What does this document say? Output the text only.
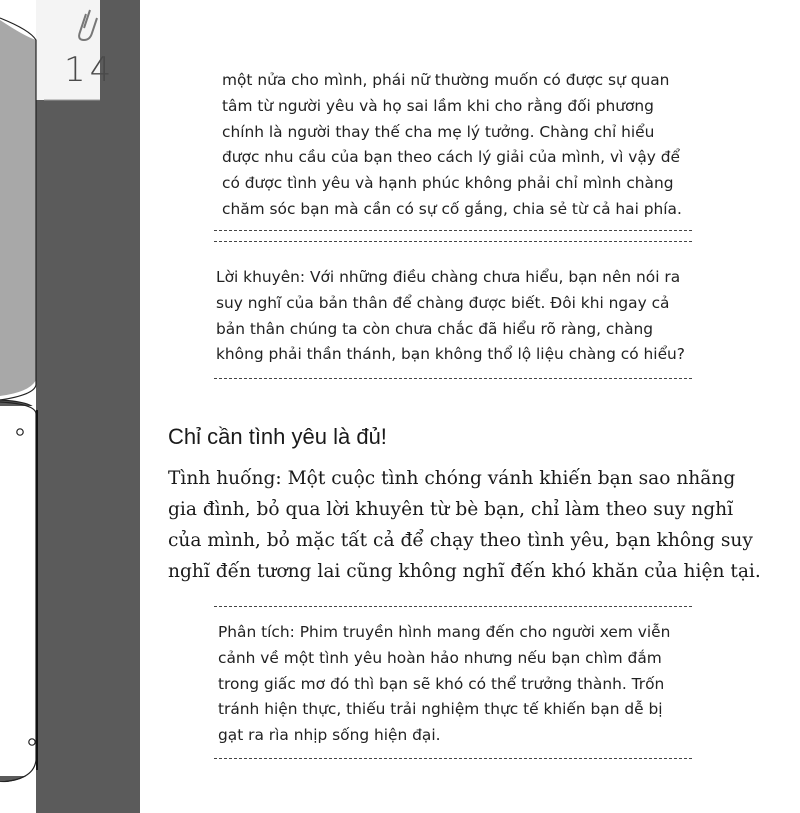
14	một nửa cho mình, phái nữ thường muốn có được sự quan tâm từ người yêu và họ sai lầm khi cho rằng đối phương chính là người thay thế cha mẹ lý tưởng. Chàng chỉ hiểu được nhu cầu của bạn theo cách lý giải của mình, vì vậy để có được tình yêu và hạnh phúc không phải chỉ mình chàng chăm sóc bạn mà cần có sự cố gắng, chia sẻ từ cả hai phía.
Lời khuyên: Với những điều chàng chưa hiểu, bạn nên nói ra suy nghĩ của bản thân để chàng được biết. Đôi khi ngay cả bản thân chúng ta còn chưa chắc đã hiểu rõ ràng, chàng không phải thần thánh, bạn không thổ lộ liệu chàng có hiểu?
Chỉ cần tình yêu là đủ!
Tình huống: Một cuộc tình chóng vánh khiến bạn sao nhãng gia đình, bỏ qua lời khuyên từ bè bạn, chỉ làm theo suy nghĩ của mình, bỏ mặc tất cả để chạy theo tình yêu, bạn không suy nghĩ đến tương lai cũng không nghĩ đến khó khăn của hiện tại.
Phân tích: Phim truyền hình mang đến cho người xem viễn cảnh về một tình yêu hoàn hảo nhưng nếu bạn chìm đắm trong giấc mơ đó thì bạn sẽ khó có thể trưởng thành. Trốn tránh hiện thực, thiếu trải nghiệm thực tế khiến bạn dễ bị gạt ra rìa nhịp sống hiện đại.
